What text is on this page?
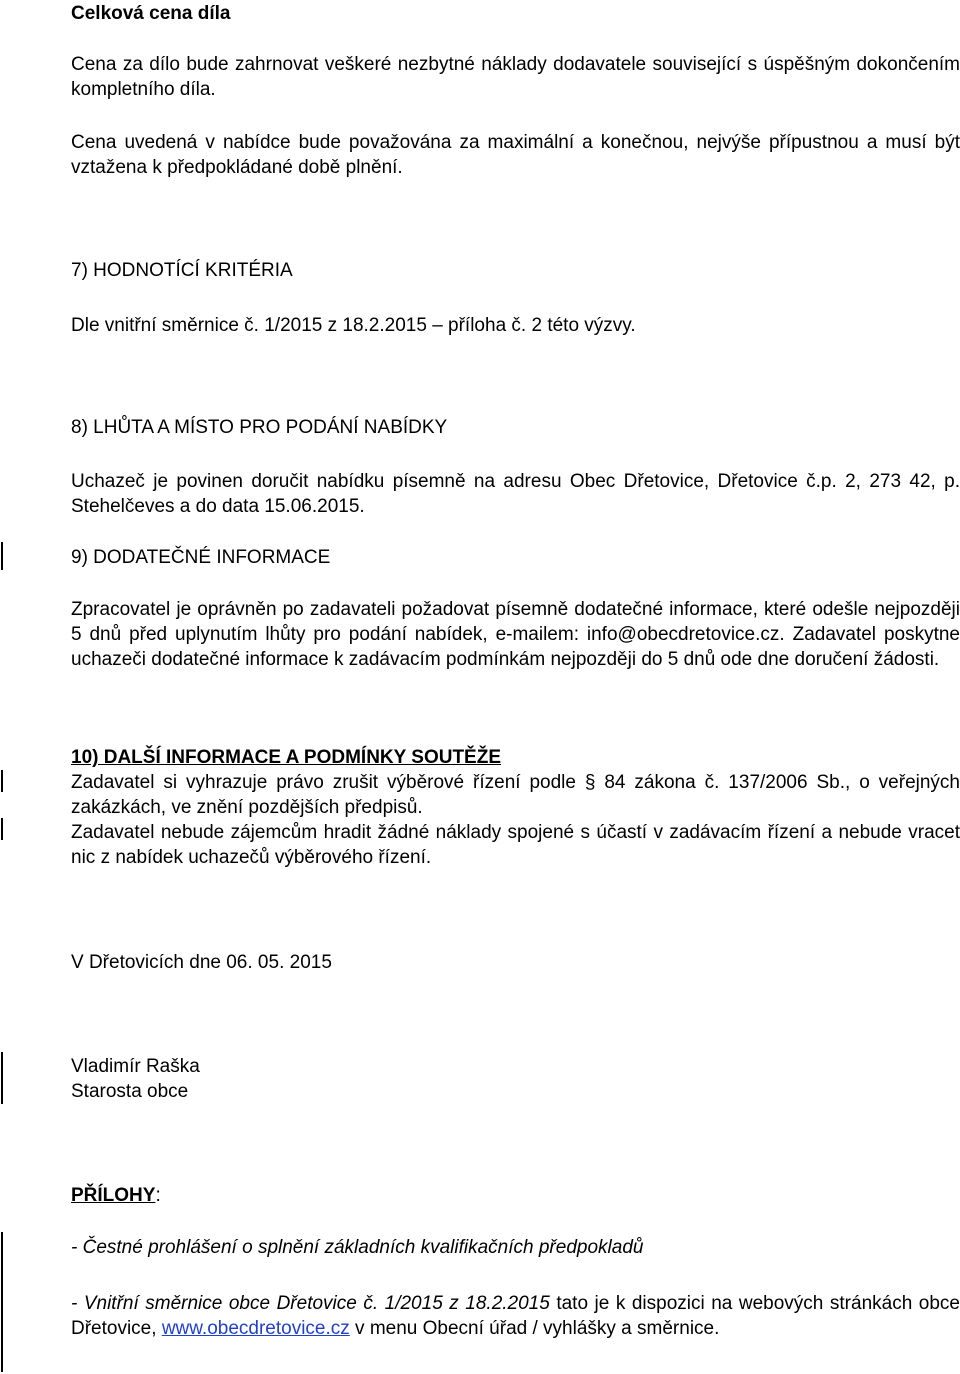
Celková cena díla
Cena za dílo bude zahrnovat veškeré nezbytné náklady dodavatele související s úspěšným dokončením kompletního díla.
Cena uvedená v nabídce bude považována za maximální a konečnou, nejvýše přípustnou a musí být vztažena k předpokládané době plnění.
7) HODNOTÍCÍ KRITÉRIA
Dle vnitřní směrnice č. 1/2015 z 18.2.2015 – příloha č. 2 této výzvy.
8) LHŮTA A MÍSTO PRO PODÁNÍ NABÍDKY
Uchazeč je povinen doručit nabídku písemně na adresu Obec Dřetovice, Dřetovice č.p. 2, 273 42, p. Stehelčeves a do data 15.06.2015.
9) DODATEČNÉ INFORMACE
Zpracovatel je oprávněn po zadavateli požadovat písemně dodatečné informace, které odešle nejpozději 5 dnů před uplynutím lhůty pro podání nabídek, e-mailem: info@obecdretovice.cz. Zadavatel poskytne uchazeči dodatečné informace k zadávacím podmínkám nejpozději do 5 dnů ode dne doručení žádosti.
10) DALŠÍ INFORMACE A PODMÍNKY SOUTĚŽE
Zadavatel si vyhrazuje právo zrušit výběrové řízení podle § 84 zákona č. 137/2006 Sb., o veřejných zakázkách, ve znění pozdějších předpisů.
Zadavatel nebude zájemcům hradit žádné náklady spojené s účastí v zadávacím řízení a nebude vracet nic z nabídek uchazečů výběrového řízení.
V Dřetovicích dne 06. 05. 2015
Vladimír Raška
Starosta obce
PŘÍLOHY:
- Čestné prohlášení o splnění základních kvalifikačních předpokladů
- Vnitřní směrnice obce Dřetovice č. 1/2015 z 18.2.2015 tato je k dispozici na webových stránkách obce Dřetovice, www.obecdretovice.cz v menu Obecní úřad / vyhlášky a směrnice.
